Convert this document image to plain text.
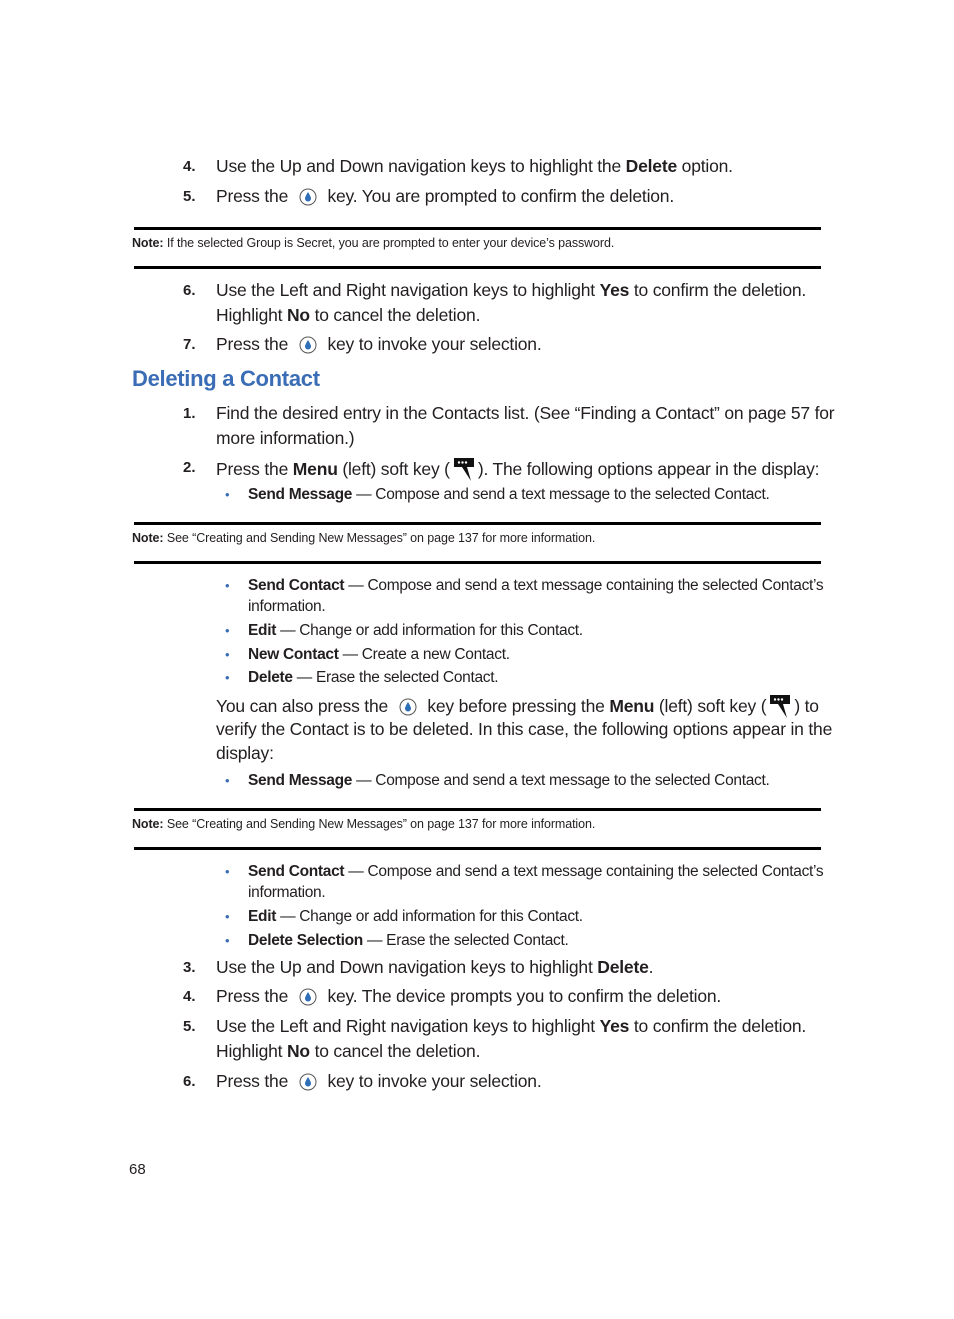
4. Use the Up and Down navigation keys to highlight the Delete option.
5. Press the  key. You are prompted to confirm the deletion.
Note: If the selected Group is Secret, you are prompted to enter your device’s password.
6. Use the Left and Right navigation keys to highlight Yes to confirm the deletion.
Highlight No to cancel the deletion.
7. Press the  key to invoke your selection.
Deleting a Contact
1. Find the desired entry in the Contacts list. (See “Finding a Contact” on page 57 for
more information.)
2. Press the Menu (left) soft key ( ). The following options appear in the display:
• Send Message — Compose and send a text message to the selected Contact.
Note: See “Creating and Sending New Messages” on page 137 for more information.
• Send Contact — Compose and send a text message containing the selected Contact’s
information.
• Edit — Change or add information for this Contact.
• New Contact — Create a new Contact.
• Delete — Erase the selected Contact.
You can also press the  key before pressing the Menu (left) soft key ( ) to
verify the Contact is to be deleted. In this case, the following options appear in the
display:
• Send Message — Compose and send a text message to the selected Contact.
Note: See “Creating and Sending New Messages” on page 137 for more information.
• Send Contact — Compose and send a text message containing the selected Contact’s
information.
• Edit — Change or add information for this Contact.
• Delete Selection — Erase the selected Contact.
3. Use the Up and Down navigation keys to highlight Delete.
4. Press the  key. The device prompts you to confirm the deletion.
5. Use the Left and Right navigation keys to highlight Yes to confirm the deletion.
Highlight No to cancel the deletion.
6. Press the  key to invoke your selection.
68
